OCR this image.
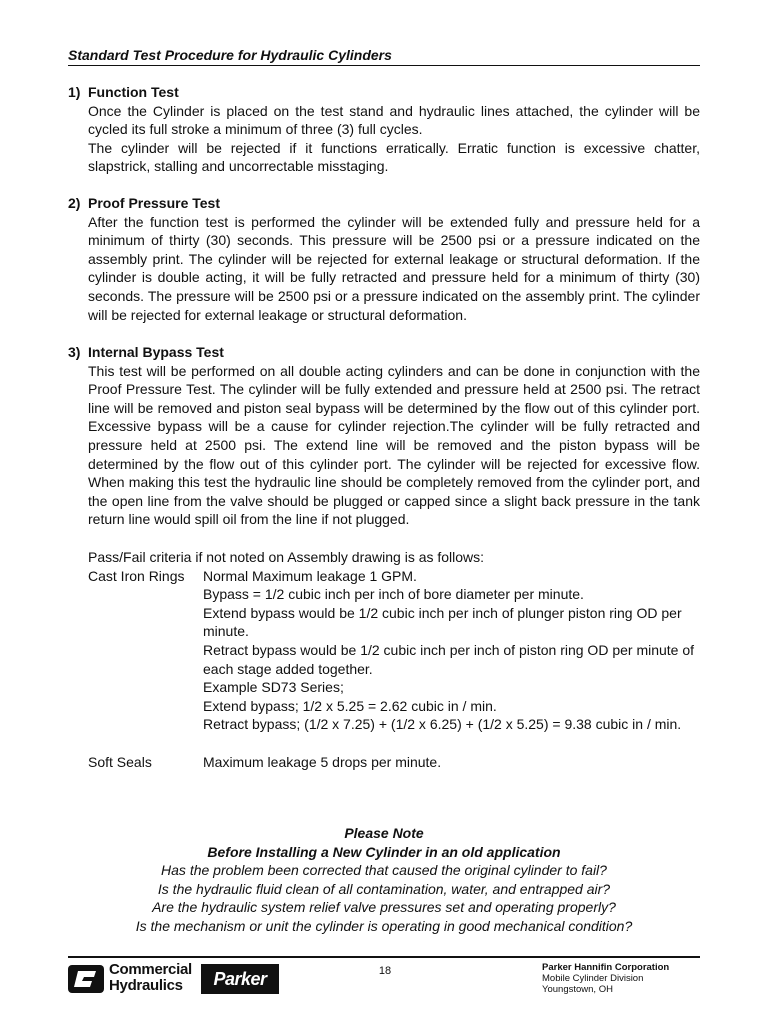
Standard Test Procedure for Hydraulic Cylinders
1) Function Test

Once the Cylinder is placed on the test stand and hydraulic lines attached, the cylinder will be cycled its full stroke a minimum of three (3) full cycles.

The cylinder will be rejected if it functions erratically. Erratic function is excessive chatter, slapstrick, stalling and uncorrectable misstaging.

2) Proof Pressure Test

After the function test is performed the cylinder will be extended fully and pressure held for a minimum of thirty (30) seconds. This pressure will be 2500 psi or a pressure indicated on the assembly print. The cylinder will be rejected for external leakage or structural deformation. If the cylinder is double acting, it will be fully retracted and pressure held for a minimum of thirty (30) seconds. The pressure will be 2500 psi or a pressure indicated on the assembly print. The cylinder will be rejected for external leakage or structural deformation.

3) Internal Bypass Test

This test will be performed on all double acting cylinders and can be done in conjunction with the Proof Pressure Test. The cylinder will be fully extended and pressure held at 2500 psi. The retract line will be removed and piston seal bypass will be determined by the flow out of this cylinder port. Excessive bypass will be a cause for cylinder rejection.The cylinder will be fully retracted and pressure held at 2500 psi. The extend line will be removed and the piston bypass will be determined by the flow out of this cylinder port. The cylinder will be rejected for excessive flow. When making this test the hydraulic line should be completely removed from the cylinder port, and the open line from the valve should be plugged or capped since a slight back pressure in the tank return line would spill oil from the line if not plugged.

Pass/Fail criteria if not noted on Assembly drawing is as follows:
Cast Iron Rings	Normal Maximum leakage 1 GPM.
Bypass = 1/2 cubic inch per inch of bore diameter per minute.
Extend bypass would be 1/2 cubic inch per inch of plunger piston ring OD per minute.
Retract bypass would be 1/2 cubic inch per inch of piston ring OD per minute of each stage added together.
Example SD73 Series;
Extend bypass; 1/2 x 5.25 = 2.62 cubic in / min.
Retract bypass; (1/2 x 7.25) + (1/2 x 6.25) + (1/2 x 5.25) = 9.38 cubic in / min.
Soft Seals	Maximum leakage 5 drops per minute.
Please Note
Before Installing a New Cylinder in an old application
Has the problem been corrected that caused the original cylinder to fail?
Is the hydraulic fluid clean of all contamination, water, and entrapped air?
Are the hydraulic system relief valve pressures set and operating properly?
Is the mechanism or unit the cylinder is operating in good mechanical condition?
Commercial
Hydraulics	Parker	18	Parker Hannifin Corporation
Mobile Cylinder Division
Youngstown, OH
